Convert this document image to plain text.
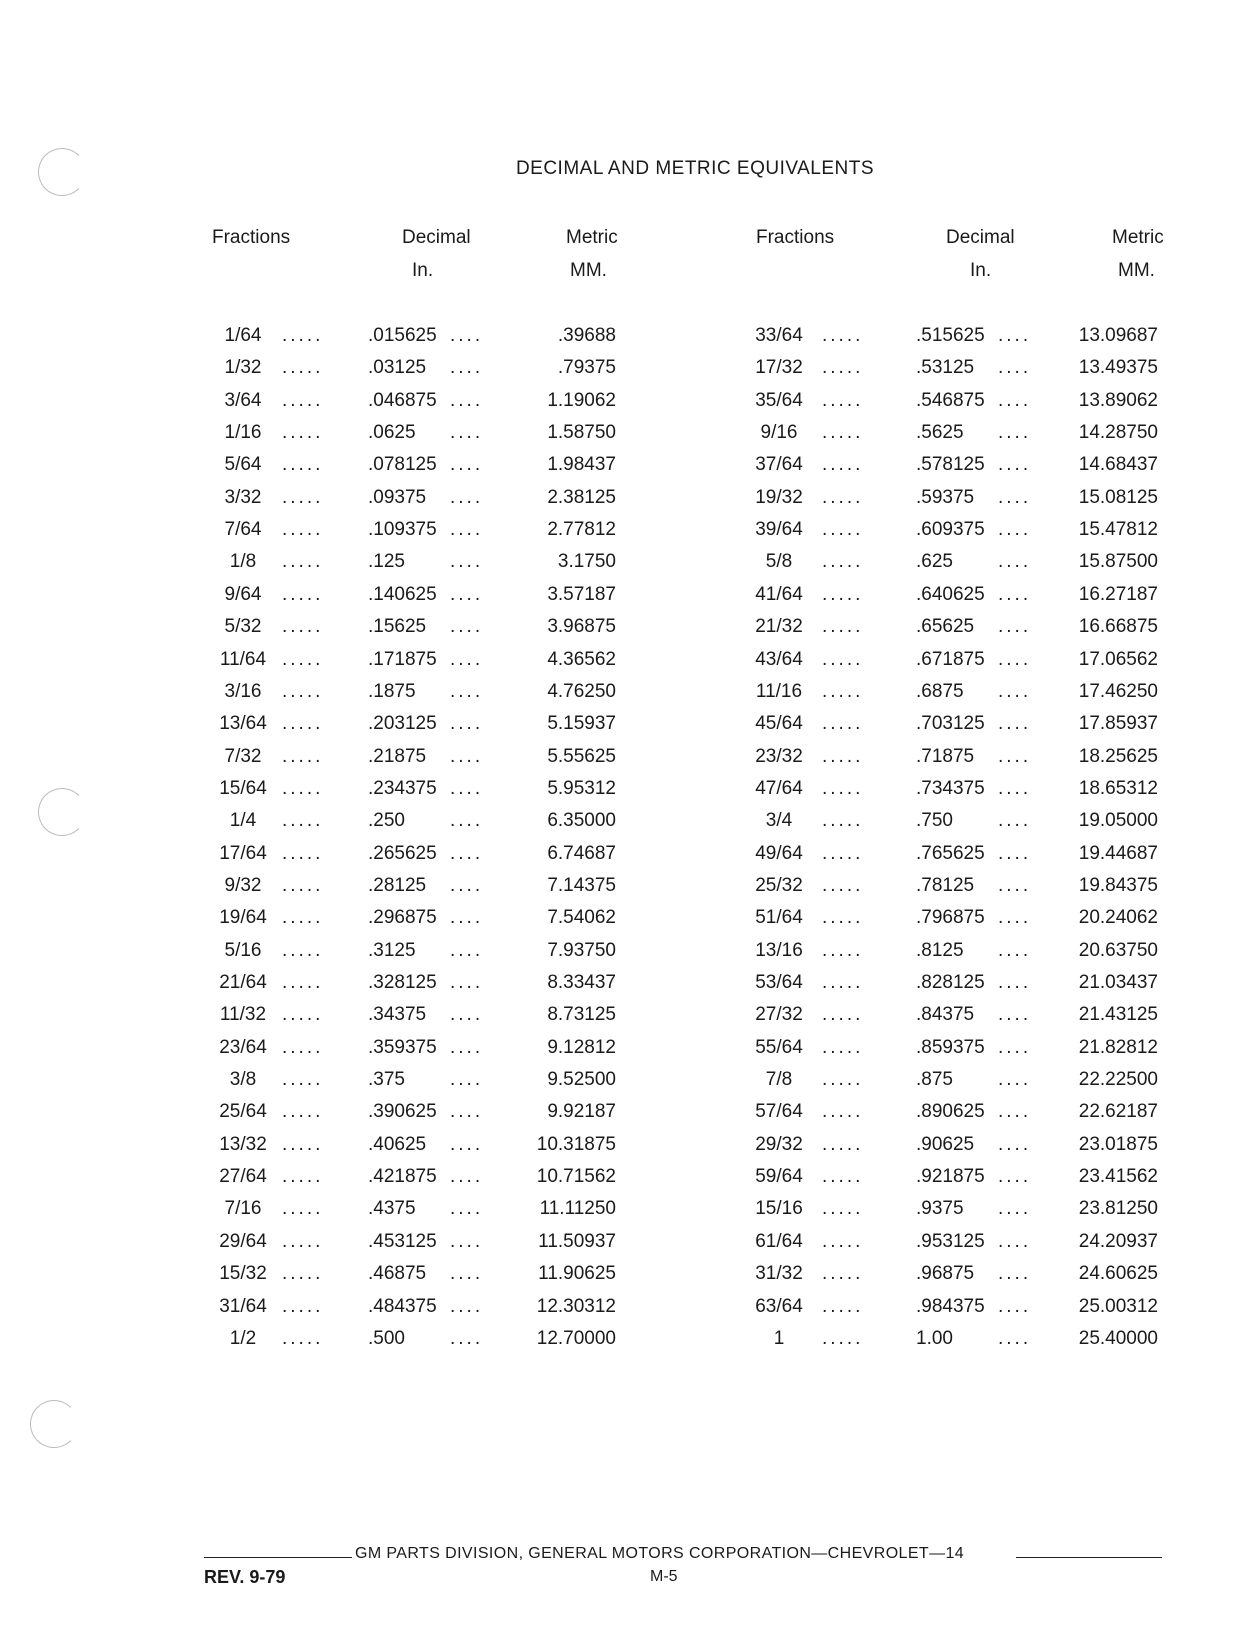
DECIMAL AND METRIC EQUIVALENTS
Fractions	Decimal
In.
Metric
MM.
Fractions	Decimal
In.
Metric
MM.
1/64	..... .015625 ....	.39688
1/32	..... .03125 ....	.79375
3/64	..... .046875 ....	1.19062
1/16	..... .0625 ....	1.58750
5/64	..... .078125 ....	1.98437
3/32	..... .09375 ....	2.38125
7/64	..... .109375 ....	2.77812
1/8	..... .125 ....	3.1750
9/64	..... .140625 ....	3.57187
5/32	..... .15625 ....	3.96875
11/64 ..... .171875 ....	4.36562
3/16	..... .1875 ....	4.76250
13/64 ..... .203125 ....	5.15937
7/32	..... .21875 ....	5.55625
15/64 ..... .234375 ....	5.95312
1/4	..... .250 ....	6.35000
17/64 ..... .265625 ....	6.74687
9/32	..... .28125 ....	7.14375
19/64 ..... .296875 ....	7.54062
5/16	..... .3125 ....	7.93750
21/64 ..... .328125 ....	8.33437
11/32 ..... .34375 ....	8.73125
23/64 ..... .359375 ....	9.12812
3/8	..... .375 ....	9.52500
25/64 ..... .390625 ....	9.92187
13/32 ..... .40625 ....	10.31875
27/64 ..... .421875 ....	10.71562
7/16	..... .4375 ....	11.11250
29/64 ..... .453125 ....	11.50937
15/32 ..... .46875 ....	11.90625
31/64 ..... .484375 ....	12.30312
1/2	..... .500 ....	12.70000
33/64	.....	.515625 ....	13.09687
17/32	.....	.53125 ....	13.49375
35/64	.....	.546875 ....	13.89062
9/16	.....	.5625 ....	14.28750
37/64	.....	.578125 ....	14.68437
19/32	.....	.59375 ....	15.08125
39/64	.....	.609375 ....	15.47812
5/8	.....	.625 ....	15.87500
41/64	.....	.640625 ....	16.27187
21/32	.....	.65625 ....	16.66875
43/64	.....	.671875 ....	17.06562
11/16	.....	.6875 ....	17.46250
45/64	.....	.703125 ....	17.85937
23/32	.....	.71875 ....	18.25625
47/64	.....	.734375 ....	18.65312
3/4	.....	.750 ....	19.05000
49/64	.....	.765625 ....	19.44687
25/32	.....	.78125 ....	19.84375
51/64	.....	.796875 ....	20.24062
13/16	.....	.8125 ....	20.63750
53/64	.....	.828125 ....	21.03437
27/32	.....	.84375 ....	21.43125
55/64	.....	.859375 ....	21.82812
7/8	.....	.875 ....	22.22500
57/64	.....	.890625 ....	22.62187
29/32	.....	.90625 ....	23.01875
59/64	.....	.921875 ....	23.41562
15/16	.....	.9375 ....	23.81250
61/64	.....	.953125 ....	24.20937
31/32	.....	.96875 ....	24.60625
63/64	.....	.984375 ....	25.00312
1	.....	1.00 ....	25.40000
GM PARTS DIVISION, GENERAL MOTORS CORPORATION—CHEVROLET—14
REV. 9-79	M-5
